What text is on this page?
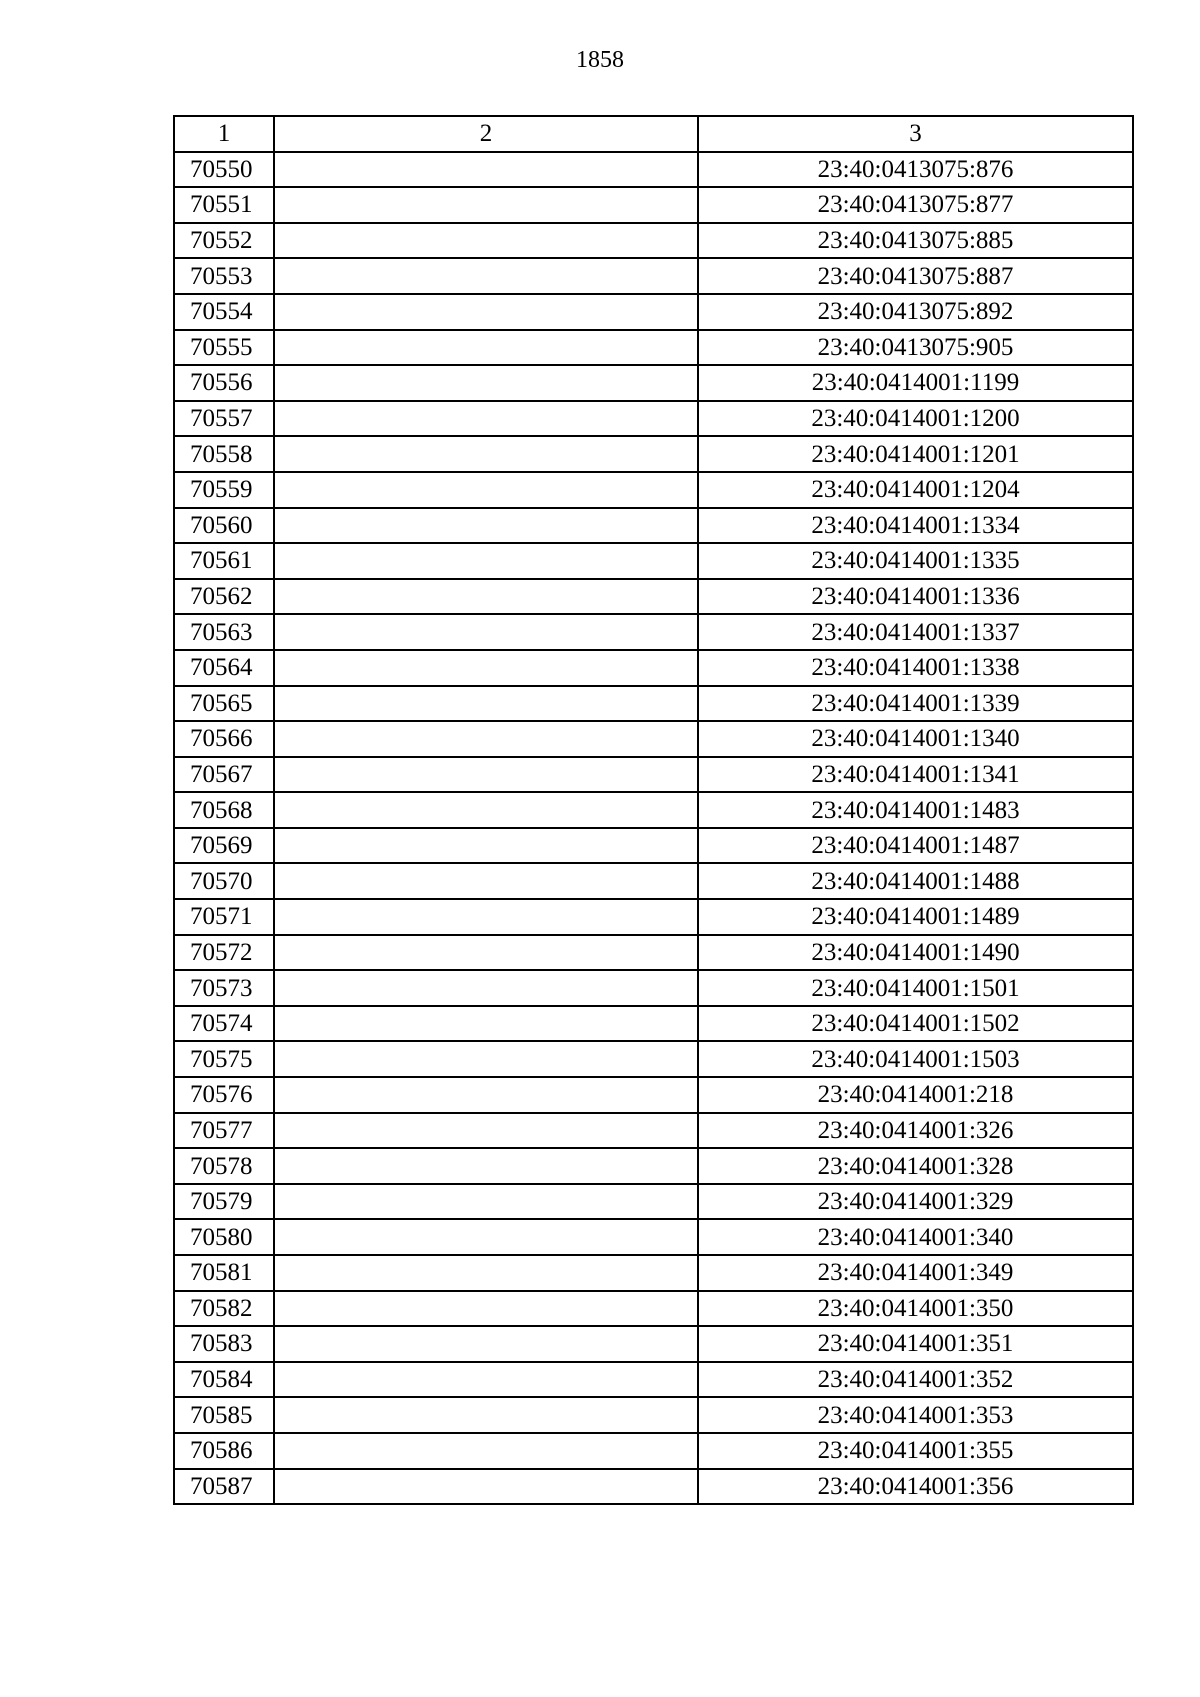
1858
1	2	3
70550		23:40:0413075:876
70551		23:40:0413075:877
70552		23:40:0413075:885
70553		23:40:0413075:887
70554		23:40:0413075:892
70555		23:40:0413075:905
70556		23:40:0414001:1199
70557		23:40:0414001:1200
70558		23:40:0414001:1201
70559		23:40:0414001:1204
70560		23:40:0414001:1334
70561		23:40:0414001:1335
70562		23:40:0414001:1336
70563		23:40:0414001:1337
70564		23:40:0414001:1338
70565		23:40:0414001:1339
70566		23:40:0414001:1340
70567		23:40:0414001:1341
70568		23:40:0414001:1483
70569		23:40:0414001:1487
70570		23:40:0414001:1488
70571		23:40:0414001:1489
70572		23:40:0414001:1490
70573		23:40:0414001:1501
70574		23:40:0414001:1502
70575		23:40:0414001:1503
70576		23:40:0414001:218
70577		23:40:0414001:326
70578		23:40:0414001:328
70579		23:40:0414001:329
70580		23:40:0414001:340
70581		23:40:0414001:349
70582		23:40:0414001:350
70583		23:40:0414001:351
70584		23:40:0414001:352
70585		23:40:0414001:353
70586		23:40:0414001:355
70587		23:40:0414001:356
